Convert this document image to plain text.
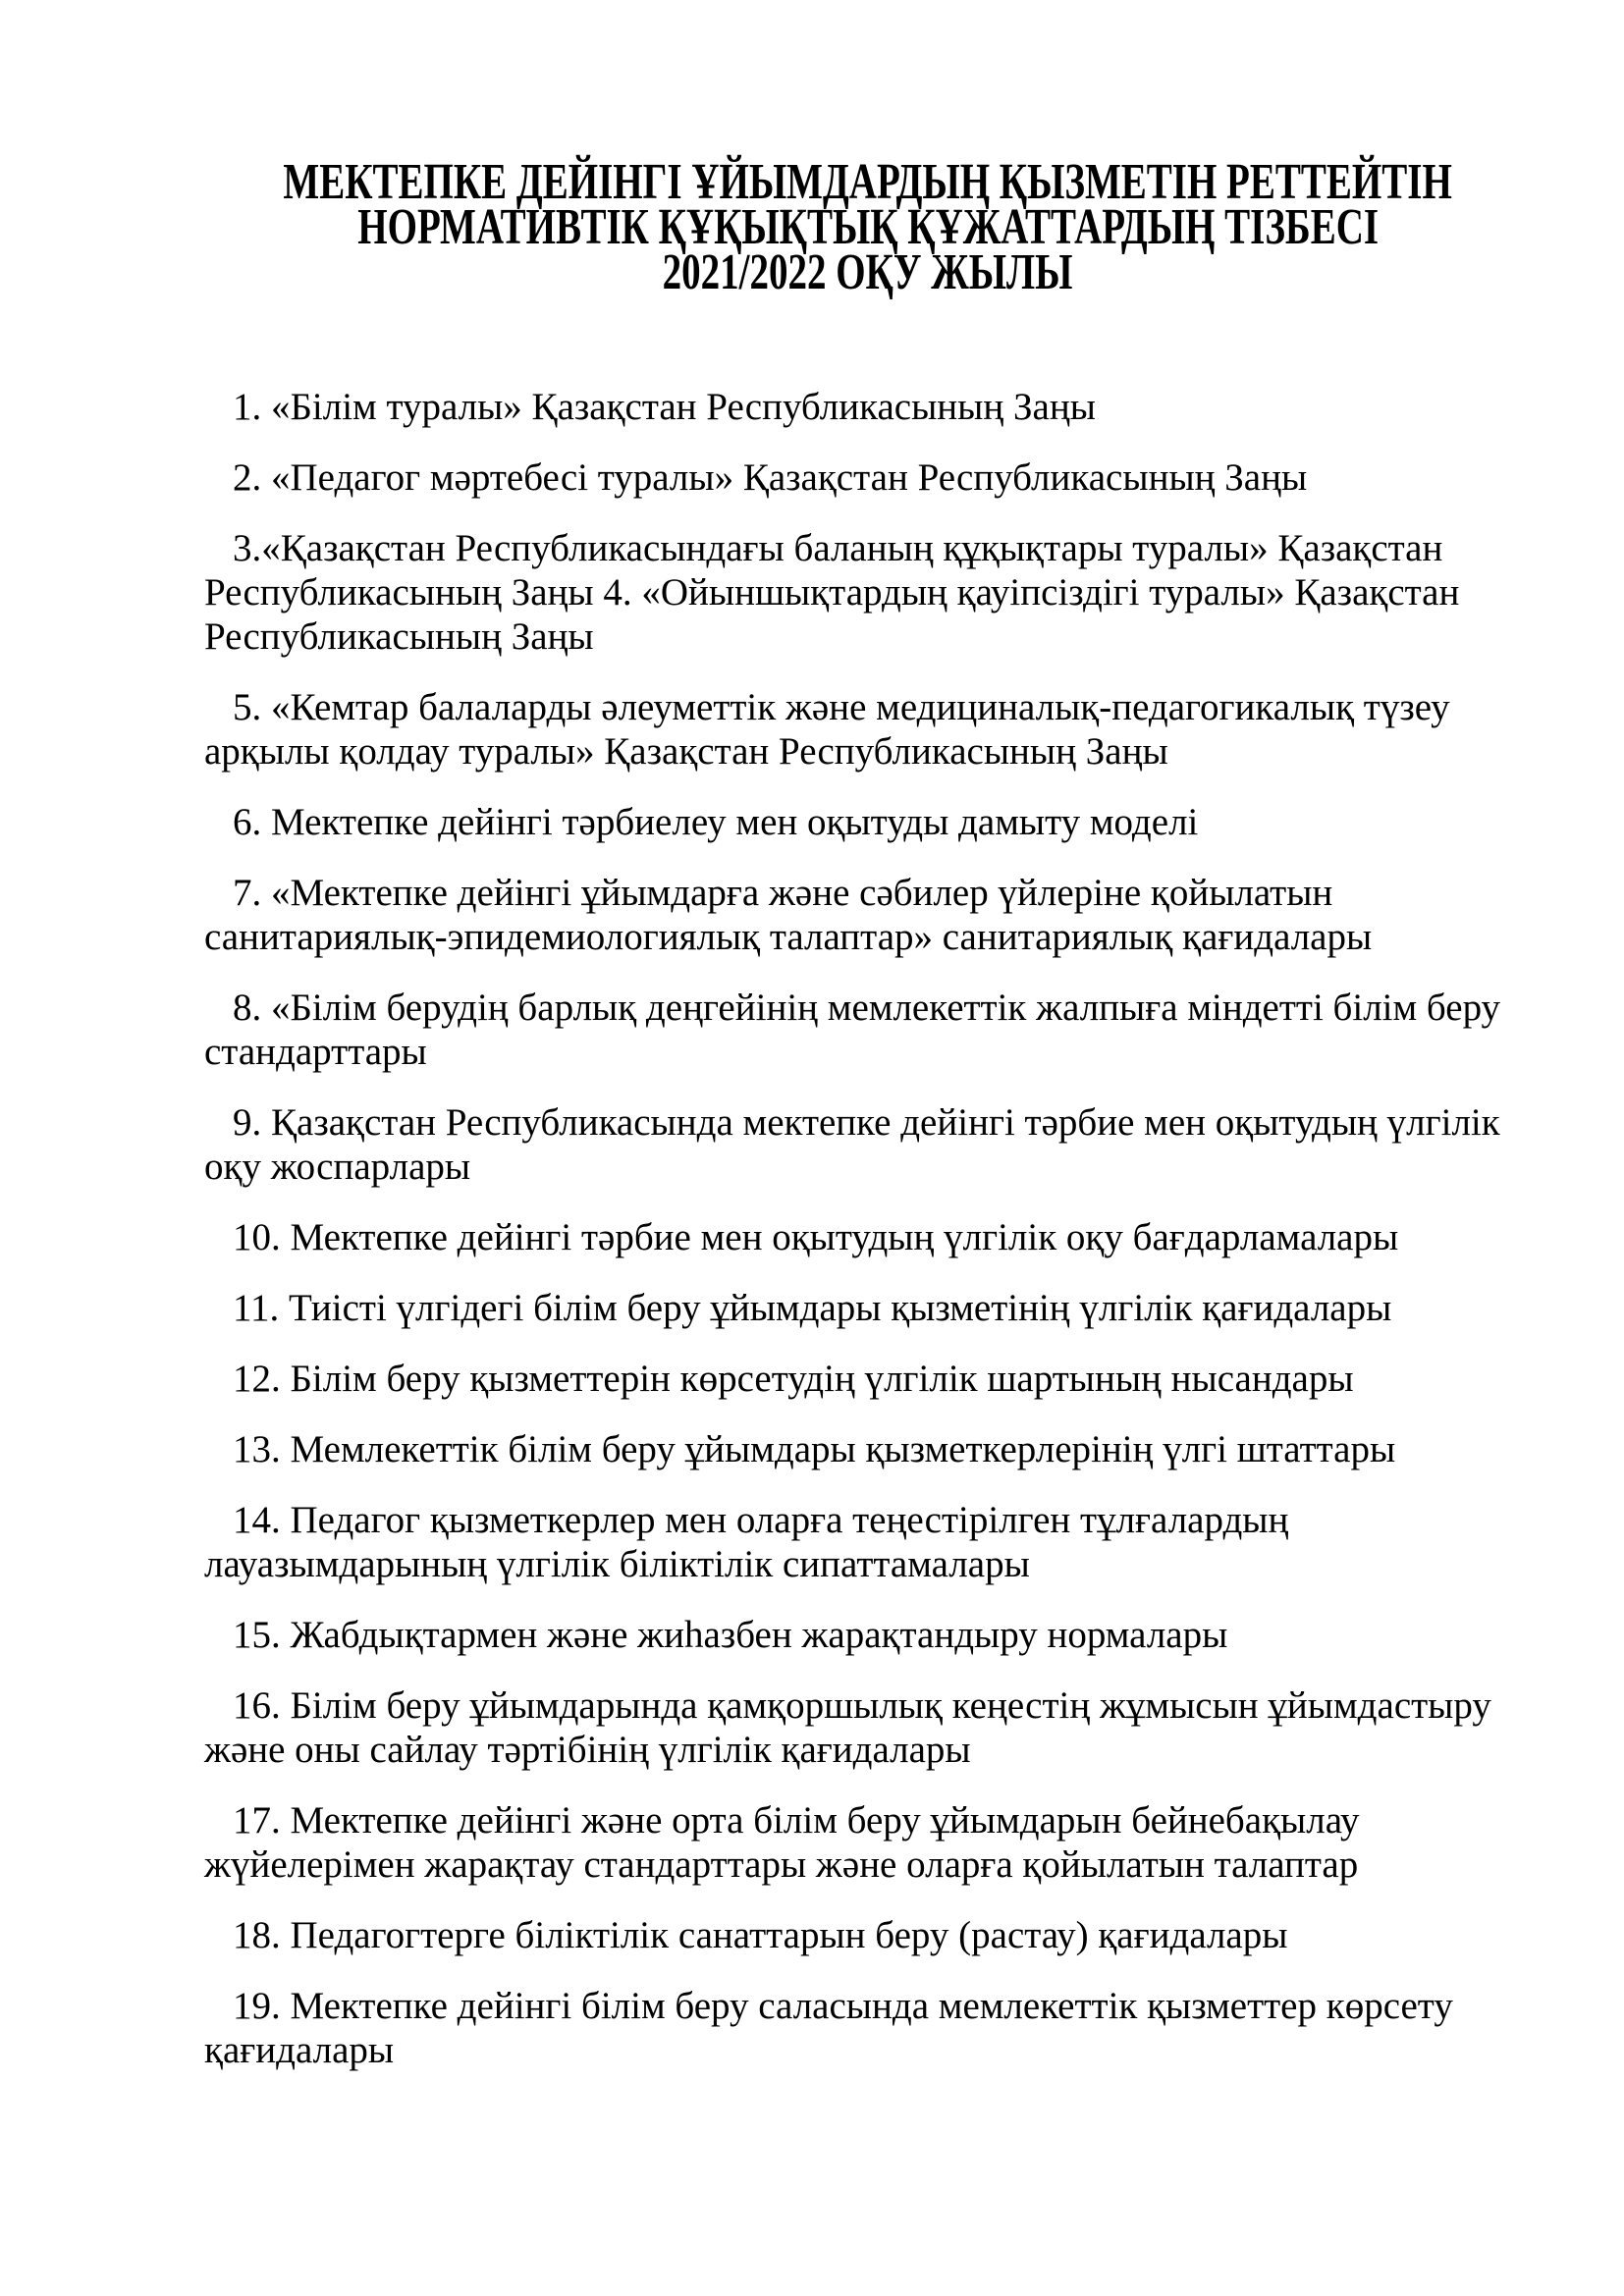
МЕКТЕПКЕ ДЕЙІНГІ ҰЙЫМДАРДЫҢ ҚЫЗМЕТІН РЕТТЕЙТІН
НОРМАТИВТІК ҚҰҚЫҚТЫҚ ҚҰЖАТТАРДЫҢ ТІЗБЕСІ
2021/2022 ОҚУ ЖЫЛЫ

1. «Білім туралы» Қазақстан Республикасының Заңы

2. «Педагог мәртебесі туралы» Қазақстан Республикасының Заңы

3.«Қазақстан Республикасындағы баланың құқықтары туралы» Қазақстан Республикасының Заңы 4. «Ойыншықтардың қауіпсіздігі туралы» Қазақстан Республикасының Заңы

5. «Кемтар балаларды әлеуметтік және медициналық-педагогикалық түзеу арқылы қолдау туралы» Қазақстан Республикасының Заңы

6. Мектепке дейінгі тәрбиелеу мен оқытуды дамыту моделі

7. «Мектепке дейінгі ұйымдарға және сәбилер үйлеріне қойылатын санитариялық-эпидемиологиялық талаптар» санитариялық қағидалары

8. «Білім берудің барлық деңгейінің мемлекеттік жалпыға міндетті білім беру стандарттары

9. Қазақстан Республикасында мектепке дейінгі тәрбие мен оқытудың үлгілік оқу жоспарлары

10. Мектепке дейінгі тәрбие мен оқытудың үлгілік оқу бағдарламалары

11. Тиісті үлгідегі білім беру ұйымдары қызметінің үлгілік қағидалары

12. Білім беру қызметтерін көрсетудің үлгілік шартының нысандары

13. Мемлекеттік білім беру ұйымдары қызметкерлерінің үлгі штаттары

14. Педагог қызметкерлер мен оларға теңестірілген тұлғалардың лауазымдарының үлгілік біліктілік сипаттамалары

15. Жабдықтармен және жиһазбен жарақтандыру нормалары

16. Білім беру ұйымдарында қамқоршылық кеңестің жұмысын ұйымдастыру және оны сайлау тәртібінің үлгілік қағидалары

17. Мектепке дейінгі және орта білім беру ұйымдарын бейнебақылау жүйелерімен жарақтау стандарттары және оларға қойылатын талаптар

18. Педагогтерге біліктілік санаттарын беру (растау) қағидалары

19. Мектепке дейінгі білім беру саласында мемлекеттік қызметтер көрсету қағидалары
